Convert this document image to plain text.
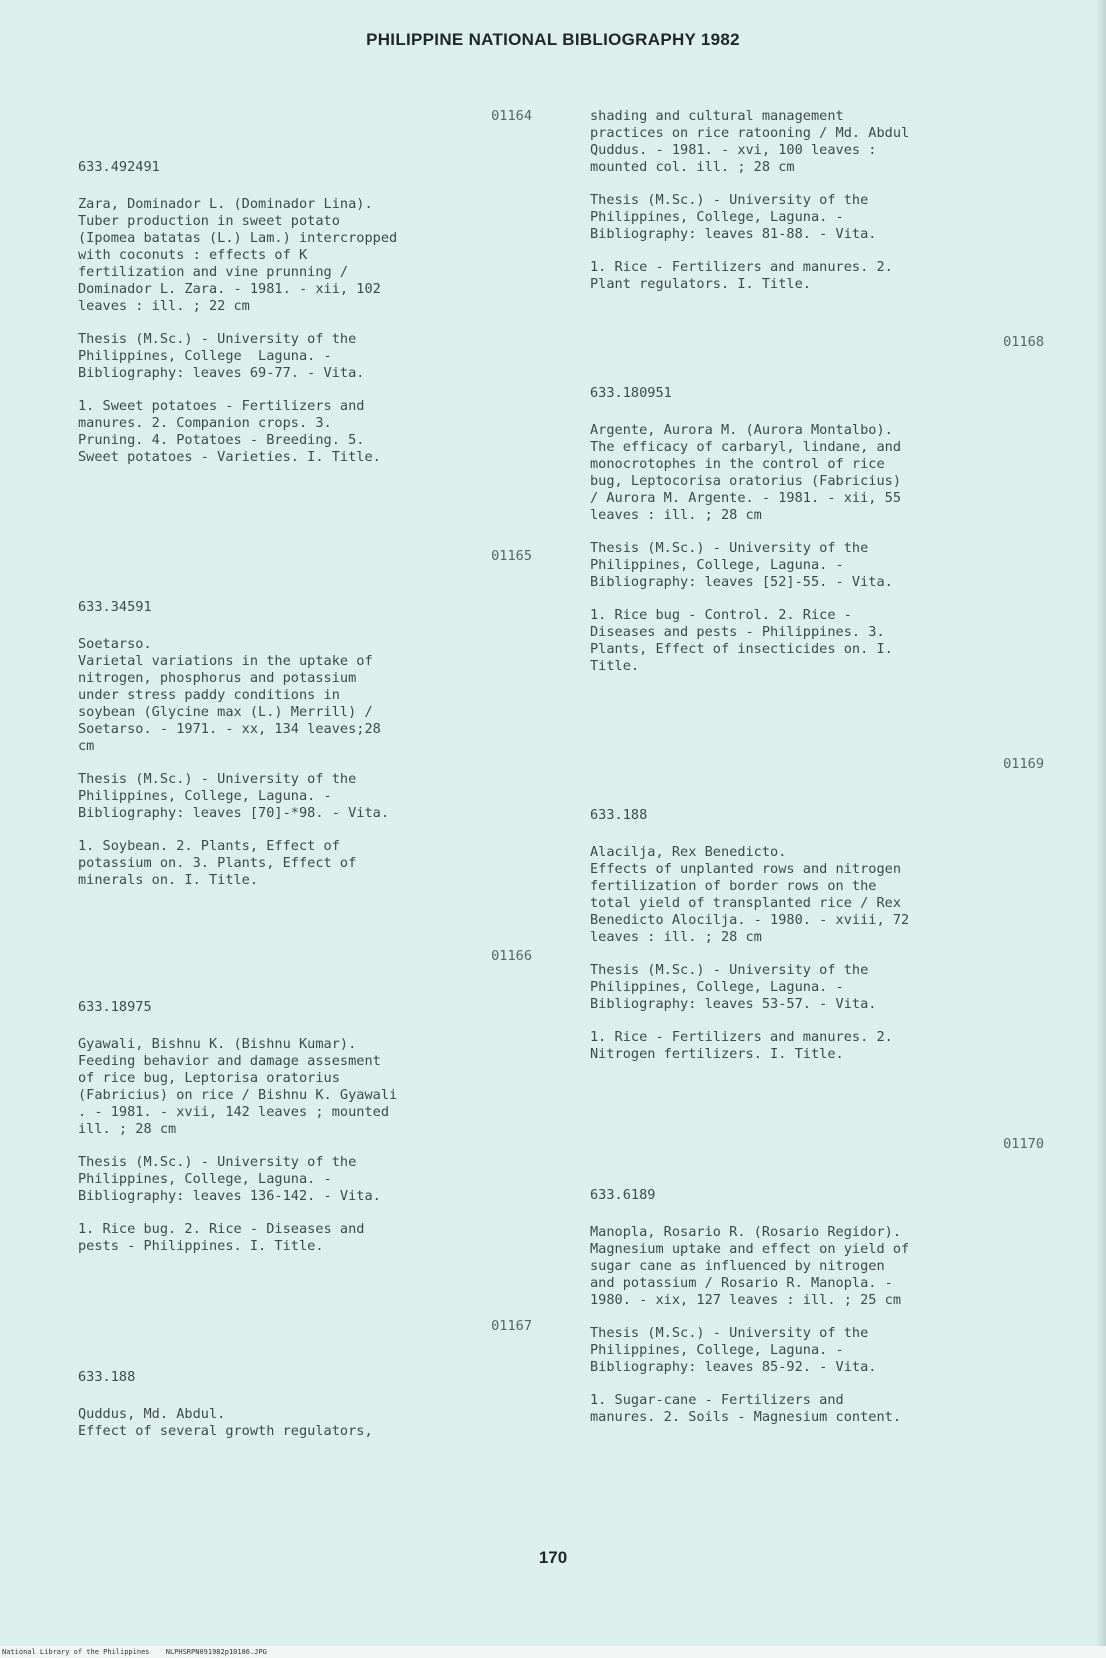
PHILIPPINE NATIONAL BIBLIOGRAPHY 1982
01164
633.492491
Zara, Dominador L. (Dominador Lina).
Tuber production in sweet potato
(Ipomea batatas (L.) Lam.) intercropped
with coconuts : effects of K
fertilization and vine prunning /
Dominador L. Zara. - 1981. - xii, 102
leaves : ill. ; 22 cm
Thesis (M.Sc.) - University of the
Philippines, College  Laguna. -
Bibliography: leaves 69-77. - Vita.
1. Sweet potatoes - Fertilizers and
manures. 2. Companion crops. 3.
Pruning. 4. Potatoes - Breeding. 5.
Sweet potatoes - Varieties. I. Title.
01165
633.34591
Soetarso.
Varietal variations in the uptake of
nitrogen, phosphorus and potassium
under stress paddy conditions in
soybean (Glycine max (L.) Merrill) /
Soetarso. - 1971. - xx, 134 leaves;28
cm
Thesis (M.Sc.) - University of the
Philippines, College, Laguna. -
Bibliography: leaves [70]-*98. - Vita.
1. Soybean. 2. Plants, Effect of
potassium on. 3. Plants, Effect of
minerals on. I. Title.
01166
633.18975
Gyawali, Bishnu K. (Bishnu Kumar).
Feeding behavior and damage assesment
of rice bug, Leptorisa oratorius
(Fabricius) on rice / Bishnu K. Gyawali
. - 1981. - xvii, 142 leaves ; mounted
ill. ; 28 cm
Thesis (M.Sc.) - University of the
Philippines, College, Laguna. -
Bibliography: leaves 136-142. - Vita.
1. Rice bug. 2. Rice - Diseases and
pests - Philippines. I. Title.
01167
633.188
Quddus, Md. Abdul.
Effect of several growth regulators,
shading and cultural management
practices on rice ratooning / Md. Abdul
Quddus. - 1981. - xvi, 100 leaves :
mounted col. ill. ; 28 cm
Thesis (M.Sc.) - University of the
Philippines, College, Laguna. -
Bibliography: leaves 81-88. - Vita.
1. Rice - Fertilizers and manures. 2.
Plant regulators. I. Title.
01168
633.180951
Argente, Aurora M. (Aurora Montalbo).
The efficacy of carbaryl, lindane, and
monocrotophes in the control of rice
bug, Leptocorisa oratorius (Fabricius)
/ Aurora M. Argente. - 1981. - xii, 55
leaves : ill. ; 28 cm
Thesis (M.Sc.) - University of the
Philippines, College, Laguna. -
Bibliography: leaves [52]-55. - Vita.
1. Rice bug - Control. 2. Rice -
Diseases and pests - Philippines. 3.
Plants, Effect of insecticides on. I.
Title.
01169
633.188
Alacilja, Rex Benedicto.
Effects of unplanted rows and nitrogen
fertilization of border rows on the
total yield of transplanted rice / Rex
Benedicto Alocilja. - 1980. - xviii, 72
leaves : ill. ; 28 cm
Thesis (M.Sc.) - University of the
Philippines, College, Laguna. -
Bibliography: leaves 53-57. - Vita.
1. Rice - Fertilizers and manures. 2.
Nitrogen fertilizers. I. Title.
01170
633.6189
Manopla, Rosario R. (Rosario Regidor).
Magnesium uptake and effect on yield of
sugar cane as influenced by nitrogen
and potassium / Rosario R. Manopla. -
1980. - xix, 127 leaves : ill. ; 25 cm
Thesis (M.Sc.) - University of the
Philippines, College, Laguna. -
Bibliography: leaves 85-92. - Vita.
1. Sugar-cane - Fertilizers and
manures. 2. Soils - Magnesium content.
170
National Library of the Philippines NLPHSRPN091982p10186.JPG
